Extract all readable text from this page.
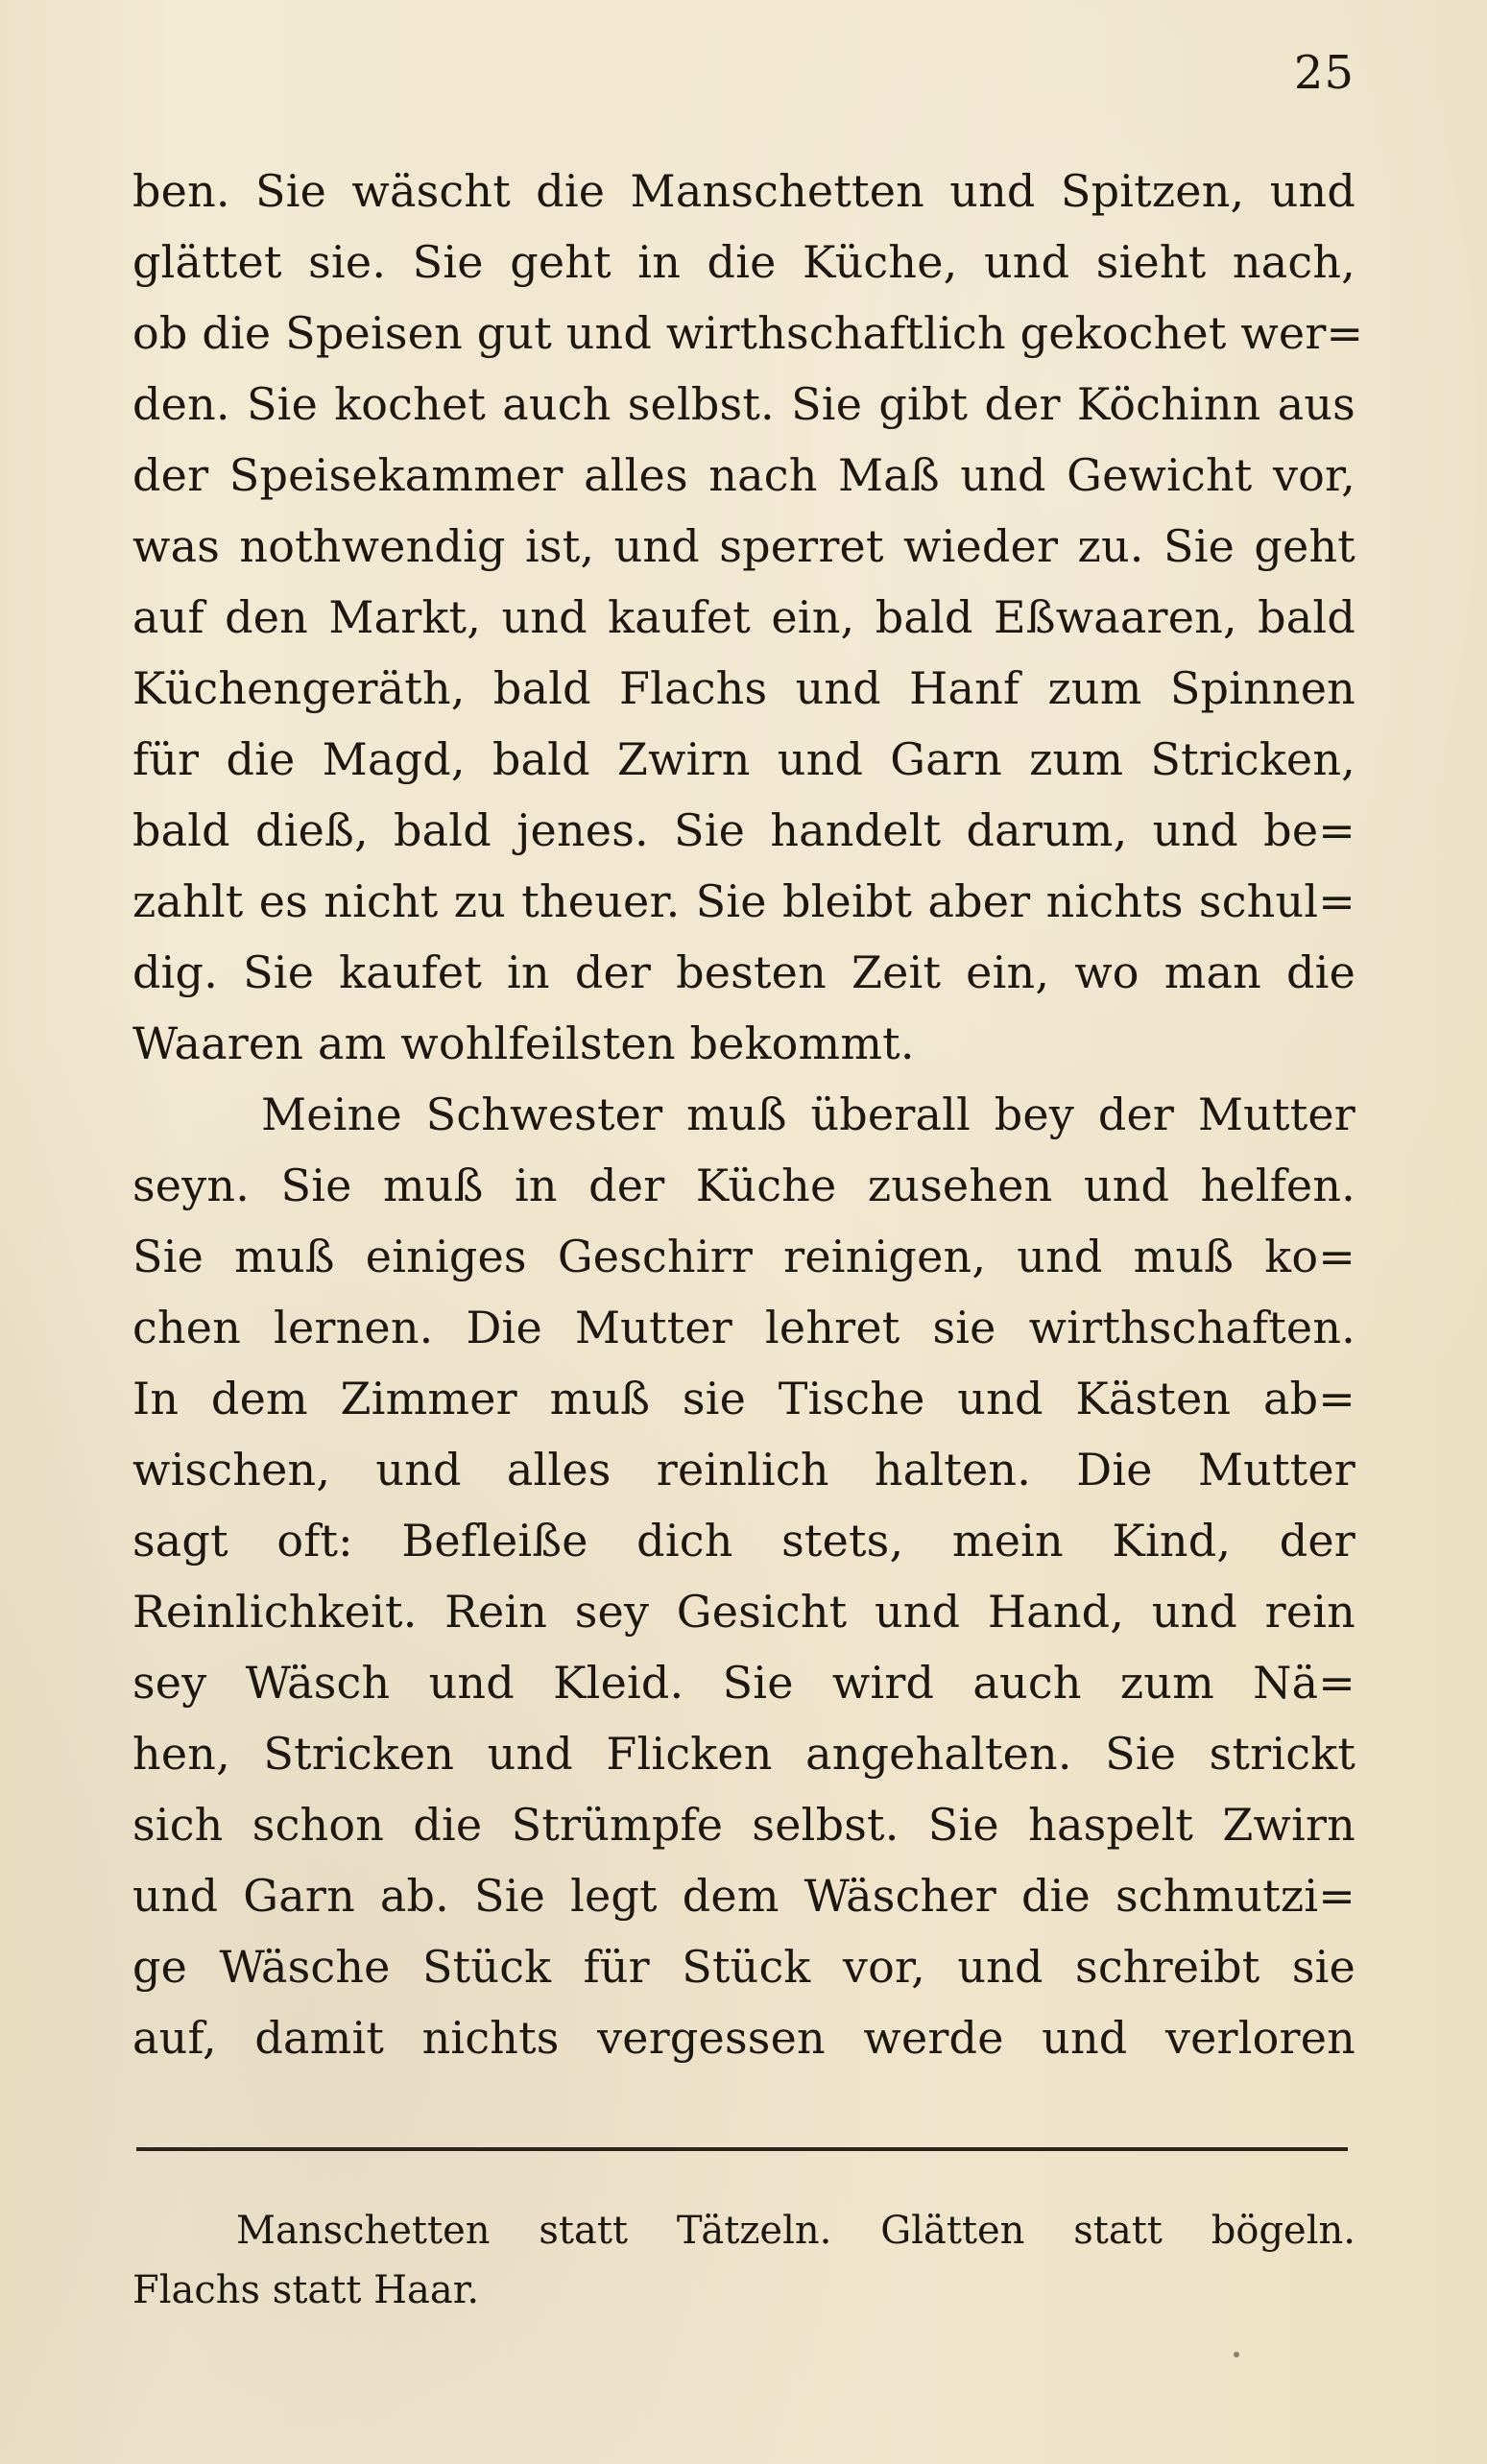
25
ben. Sie wäscht die Manschetten und Spitzen, und
glättet sie. Sie geht in die Küche, und sieht nach,
ob die Speisen gut und wirthschaftlich gekochet wer=
den. Sie kochet auch selbst. Sie gibt der Köchinn aus
der Speisekammer alles nach Maß und Gewicht vor,
was nothwendig ist, und sperret wieder zu. Sie geht
auf den Markt, und kaufet ein, bald Eßwaaren, bald
Küchengeräth, bald Flachs und Hanf zum Spinnen
für die Magd, bald Zwirn und Garn zum Stricken,
bald dieß, bald jenes. Sie handelt darum, und be=
zahlt es nicht zu theuer. Sie bleibt aber nichts schul=
dig. Sie kaufet in der besten Zeit ein, wo man die
Waaren am wohlfeilsten bekommt.
Meine Schwester muß überall bey der Mutter
seyn. Sie muß in der Küche zusehen und helfen.
Sie muß einiges Geschirr reinigen, und muß ko=
chen lernen. Die Mutter lehret sie wirthschaften.
In dem Zimmer muß sie Tische und Kästen ab=
wischen, und alles reinlich halten. Die Mutter
sagt oft: Befleiße dich stets, mein Kind, der
Reinlichkeit. Rein sey Gesicht und Hand, und rein
sey Wäsch und Kleid. Sie wird auch zum Nä=
hen, Stricken und Flicken angehalten. Sie strickt
sich schon die Strümpfe selbst. Sie haspelt Zwirn
und Garn ab. Sie legt dem Wäscher die schmutzi=
ge Wäsche Stück für Stück vor, und schreibt sie
auf, damit nichts vergessen werde und verloren
Manschetten statt Tätzeln. Glätten statt bögeln.
Flachs statt Haar.
